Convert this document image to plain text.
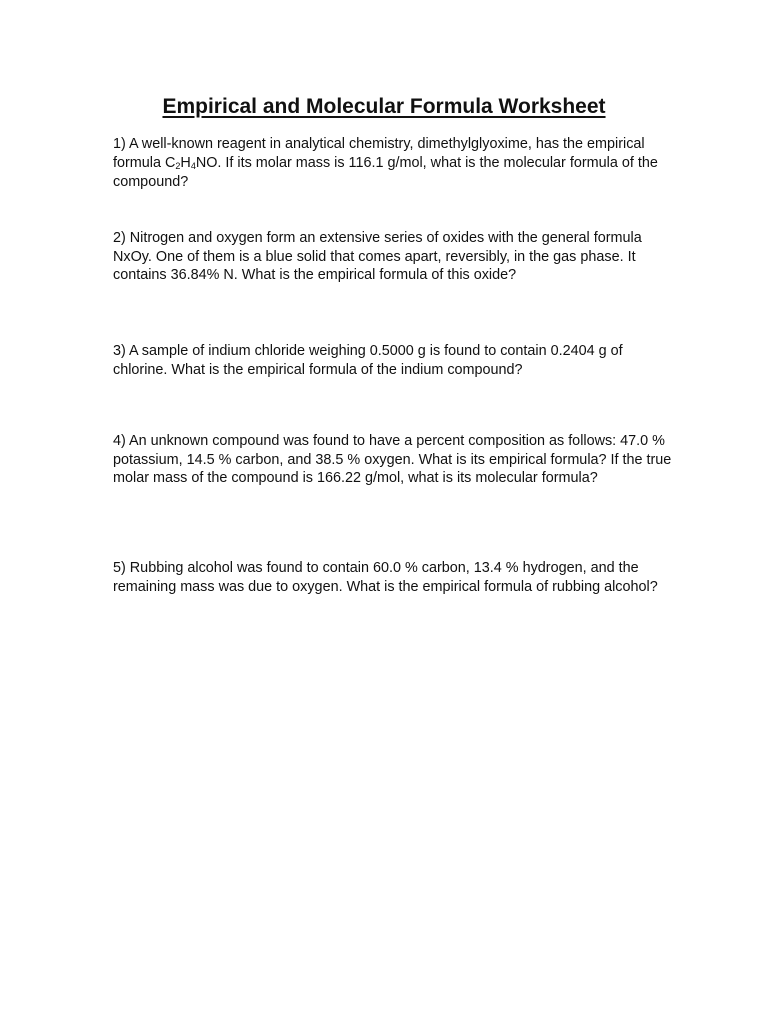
Empirical and Molecular Formula Worksheet
1) A well-known reagent in analytical chemistry, dimethylglyoxime, has the empirical formula $C_2H_4NO$. If its molar mass is 116.1 g/mol, what is the molecular formula of the compound?
2) Nitrogen and oxygen form an extensive series of oxides with the general formula NxOy. One of them is a blue solid that comes apart, reversibly, in the gas phase. It contains 36.84% N. What is the empirical formula of this oxide?
3) A sample of indium chloride weighing 0.5000 g is found to contain 0.2404 g of chlorine. What is the empirical formula of the indium compound?
4) An unknown compound was found to have a percent composition as follows: 47.0 % potassium, 14.5 % carbon, and 38.5 % oxygen. What is its empirical formula? If the true molar mass of the compound is 166.22 g/mol, what is its molecular formula?
5) Rubbing alcohol was found to contain 60.0 % carbon, 13.4 % hydrogen, and the remaining mass was due to oxygen. What is the empirical formula of rubbing alcohol?
